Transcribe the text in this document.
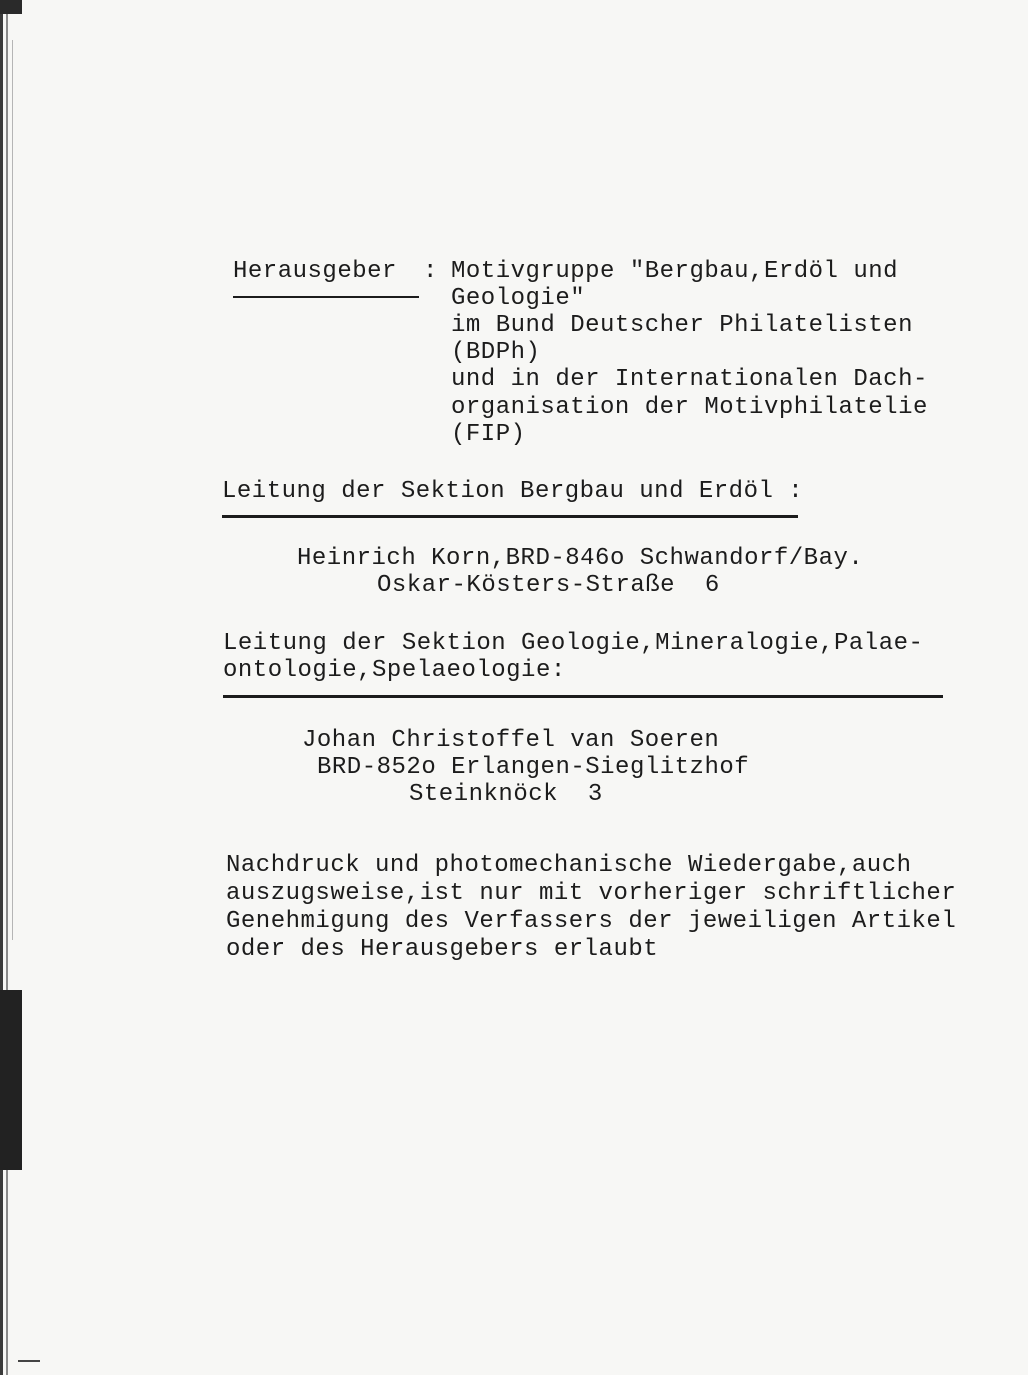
Herausgeber : Motivgruppe "Bergbau,Erdöl und
Geologie"
im Bund Deutscher Philatelisten
(BDPh)
und in der Internationalen Dach-
organisation der Motivphilatelie
(FIP)
Leitung der Sektion Bergbau und Erdöl :
Heinrich Korn,BRD-846o Schwandorf/Bay.
Oskar-Kösters-Straße  6
Leitung der Sektion Geologie,Mineralogie,Palae-
ontologie,Spelaeologie:
Johan Christoffel van Soeren
BRD-852o Erlangen-Sieglitzhof
Steinknöck  3
Nachdruck und photomechanische Wiedergabe,auch
auszugsweise,ist nur mit vorheriger schriftlicher
Genehmigung des Verfassers der jeweiligen Artikel
oder des Herausgebers erlaubt
